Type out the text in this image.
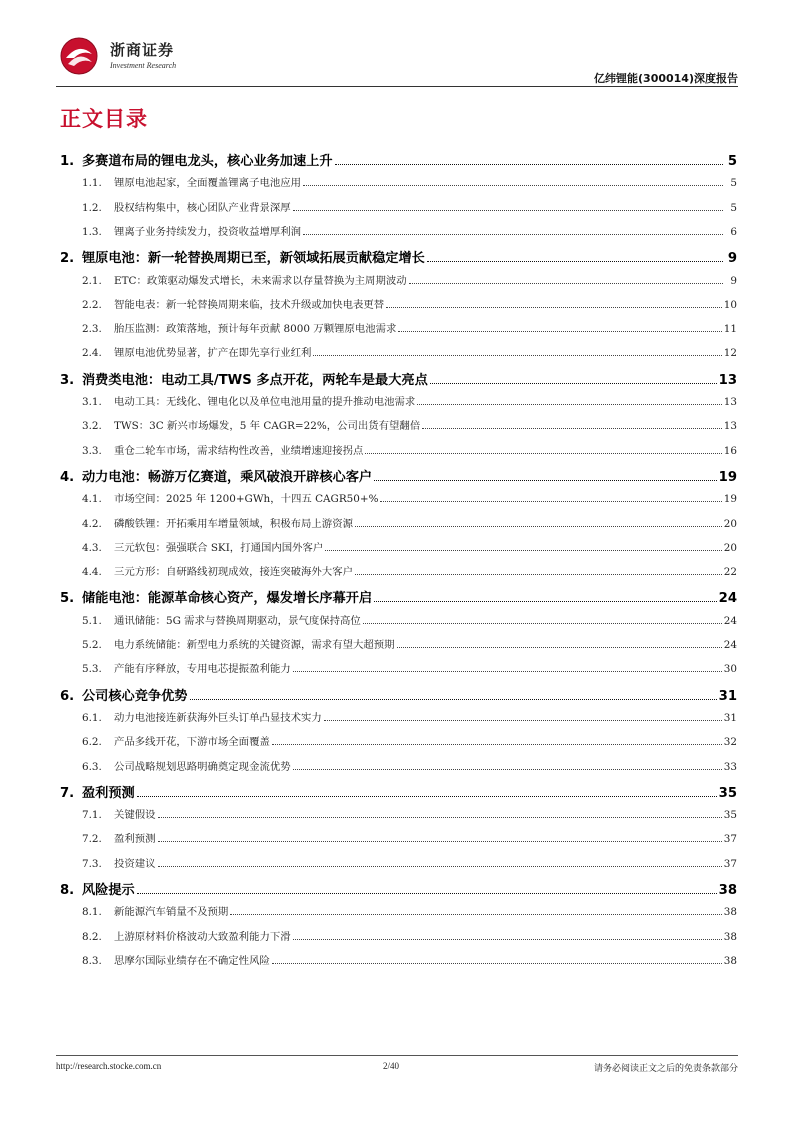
浙商证券
Investment Research
亿纬锂能(300014)深度报告
正文目录
1. 多赛道布局的锂电龙头，核心业务加速上升	5
1.1.	锂原电池起家，全面覆盖锂离子电池应用	5
1.2.	股权结构集中，核心团队产业背景深厚	5
1.3.	锂离子业务持续发力，投资收益增厚利润	6
2. 锂原电池：新一轮替换周期已至，新领域拓展贡献稳定增长	9
2.1.	ETC：政策驱动爆发式增长，未来需求以存量替换为主周期波动	9
2.2.	智能电表：新一轮替换周期来临，技术升级或加快电表更替	10
2.3.	胎压监测：政策落地，预计每年贡献 8000 万颗锂原电池需求	11
2.4.	锂原电池优势显著，扩产在即先享行业红利	12
3. 消费类电池：电动工具/TWS 多点开花，两轮车是最大亮点	13
3.1.	电动工具：无线化、锂电化以及单位电池用量的提升推动电池需求	13
3.2.	TWS：3C 新兴市场爆发，5 年 CAGR=22%，公司出货有望翻倍	13
3.3.	重仓二轮车市场，需求结构性改善，业绩增速迎接拐点	16
4. 动力电池：畅游万亿赛道，乘风破浪开辟核心客户	19
4.1.	市场空间：2025 年 1200+GWh，十四五 CAGR50+%	19
4.2.	磷酸铁锂：开拓乘用车增量领域，积极布局上游资源	20
4.3.	三元软包：强强联合 SKI，打通国内国外客户	20
4.4.	三元方形：自研路线初现成效，接连突破海外大客户	22
5. 储能电池：能源革命核心资产，爆发增长序幕开启	24
5.1.	通讯储能：5G 需求与替换周期驱动，景气度保持高位	24
5.2.	电力系统储能：新型电力系统的关键资源，需求有望大超预期	24
5.3.	产能有序释放，专用电芯提振盈利能力	30
6. 公司核心竞争优势	31
6.1.	动力电池接连新获海外巨头订单凸显技术实力	31
6.2.	产品多线开花，下游市场全面覆盖	32
6.3.	公司战略规划思路明确奠定现金流优势	33
7. 盈利预测	35
7.1.	关键假设	35
7.2.	盈利预测	37
7.3.	投资建议	37
8. 风险提示	38
8.1.	新能源汽车销量不及预期	38
8.2.	上游原材料价格波动大致盈利能力下滑	38
8.3.	思摩尔国际业绩存在不确定性风险	38
http://research.stocke.com.cn	2/40	请务必阅读正文之后的免责条款部分
